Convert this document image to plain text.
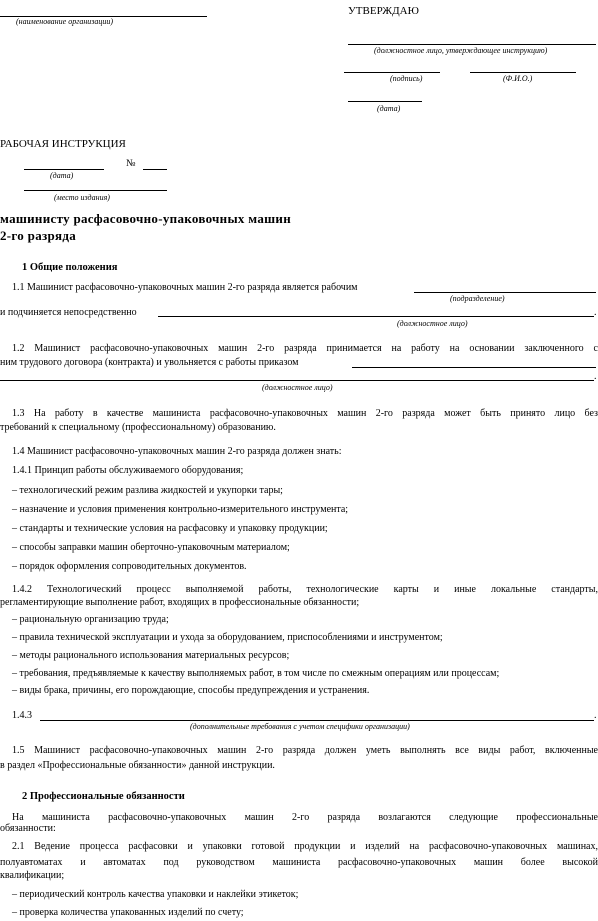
(наименование организации)
УТВЕРЖДАЮ
(должностное лицо, утверждающее инструкцию)
(подпись)	(Ф.И.О.)
(дата)
РАБОЧАЯ ИНСТРУКЦИЯ
№
(дата)
(место издания)
машинисту расфасовочно-упаковочных машин
2-го разряда
1 Общие положения
1.1 Машинист расфасовочно-упаковочных машин 2-го разряда является рабочим
(подразделение)
и подчиняется непосредственно	.
(должностное лицо)
1.2 Машинист расфасовочно-упаковочных машин 2-го разряда принимается на работу на основании заключенного с
ним трудового договора (контракта) и увольняется с работы приказом
.
(должностное лицо)
1.3 На работу в качестве машиниста расфасовочно-упаковочных машин 2-го разряда может быть принято лицо без
требований к специальному (профессиональному) образованию.
1.4 Машинист расфасовочно-упаковочных машин 2-го разряда должен знать:
1.4.1 Принцип работы обслуживаемого оборудования;
– технологический режим разлива жидкостей и укупорки тары;
– назначение и условия применения контрольно-измерительного инструмента;
– стандарты и технические условия на расфасовку и упаковку продукции;
– способы заправки машин оберточно-упаковочным материалом;
– порядок оформления сопроводительных документов.
1.4.2 Технологический процесс выполняемой работы, технологические карты и иные локальные стандарты,
регламентирующие выполнение работ, входящих в профессиональные обязанности;
– рациональную организацию труда;
– правила технической эксплуатации и ухода за оборудованием, приспособлениями и инструментом;
– методы рационального использования материальных ресурсов;
– требования, предъявляемые к качеству выполняемых работ, в том числе по смежным операциям или процессам;
– виды брака, причины, его порождающие, способы предупреждения и устранения.
1.4.3	.
(дополнительные требования с учетом специфики организации)
1.5 Машинист расфасовочно-упаковочных машин 2-го разряда должен уметь выполнять все виды работ, включенные
в раздел «Профессиональные обязанности» данной инструкции.
2 Профессиональные обязанности
На машиниста расфасовочно-упаковочных машин 2-го разряда возлагаются следующие профессиональные
обязанности:
2.1 Ведение процесса расфасовки и упаковки готовой продукции и изделий на расфасовочно-упаковочных машинах,
полуавтоматах и автоматах под руководством машиниста расфасовочно-упаковочных машин более высокой
квалификации;
– периодический контроль качества упаковки и наклейки этикеток;
– проверка количества упакованных изделий по счету;
